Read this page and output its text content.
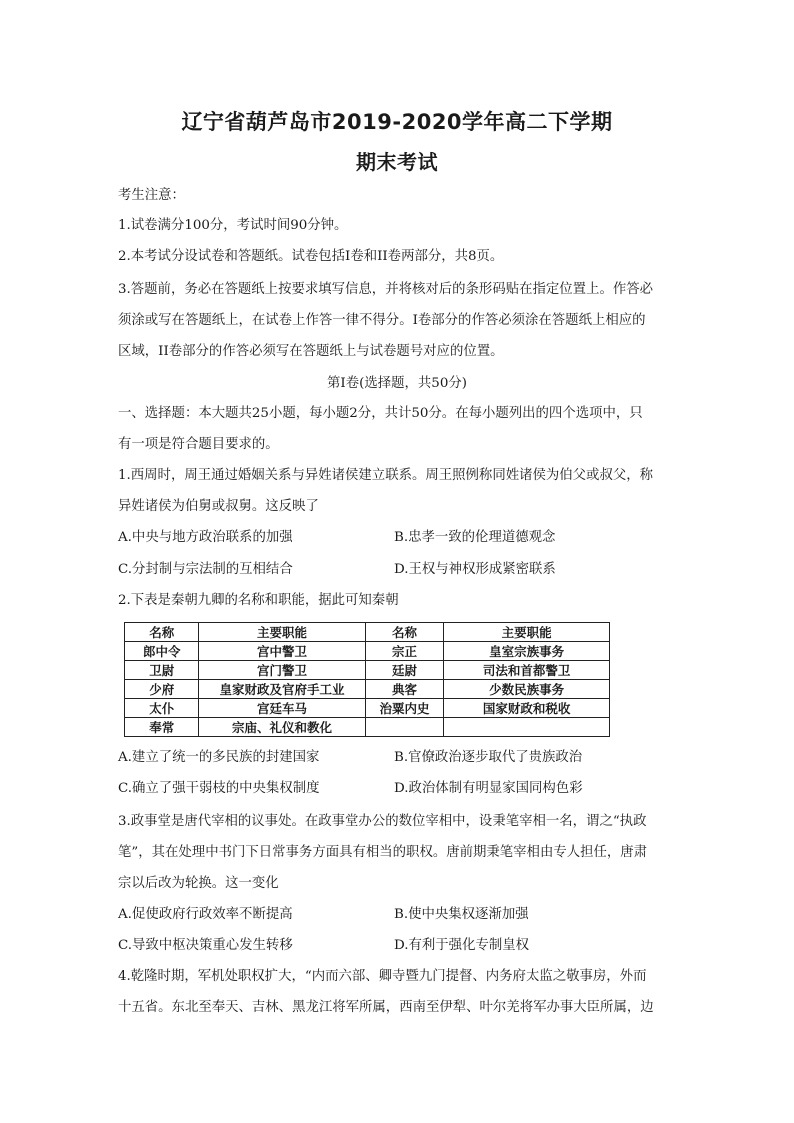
辽宁省葫芦岛市2019-2020学年高二下学期
期末考试
考生注意：
1.试卷满分100分，考试时间90分钟。
2.本考试分设试卷和答题纸。试卷包括I卷和II卷两部分，共8页。
3.答题前，务必在答题纸上按要求填写信息，并将核对后的条形码贴在指定位置上。作答必
须涂或写在答题纸上，在试卷上作答一律不得分。I卷部分的作答必须涂在答题纸上相应的
区域，II卷部分的作答必须写在答题纸上与试卷题号对应的位置。
第I卷(选择题，共50分)
一、选择题：本大题共25小题，每小题2分，共计50分。在每小题列出的四个选项中，只
有一项是符合题目要求的。
1.西周时，周王通过婚姻关系与异姓诸侯建立联系。周王照例称同姓诸侯为伯父或叔父，称
异姓诸侯为伯舅或叔舅。这反映了
A.中央与地方政治联系的加强	B.忠孝一致的伦理道德观念
C.分封制与宗法制的互相结合	D.王权与神权形成紧密联系
2.下表是秦朝九卿的名称和职能，据此可知秦朝
名称	主要职能	名称	主要职能
郎中令	宫中警卫	宗正	皇室宗族事务
卫尉	宫门警卫	廷尉	司法和首都警卫
少府	皇家财政及官府手工业	典客	少数民族事务
太仆	宫廷车马	治粟内史	国家财政和税收
奉常	宗庙、礼仪和教化		
A.建立了统一的多民族的封建国家	B.官僚政治逐步取代了贵族政治
C.确立了强干弱枝的中央集权制度	D.政治体制有明显家国同构色彩
3.政事堂是唐代宰相的议事处。在政事堂办公的数位宰相中，设秉笔宰相一名，谓之“执政
笔”，其在处理中书门下日常事务方面具有相当的职权。唐前期秉笔宰相由专人担任，唐肃
宗以后改为轮换。这一变化
A.促使政府行政效率不断提高	B.使中央集权逐渐加强
C.导致中枢决策重心发生转移	D.有利于强化专制皇权
4.乾隆时期，军机处职权扩大，“内而六部、卿寺暨九门提督、内务府太监之敬事房，外而
十五省。东北至奉天、吉林、黑龙江将军所属，西南至伊犁、叶尔羌将军办事大臣所属，边
